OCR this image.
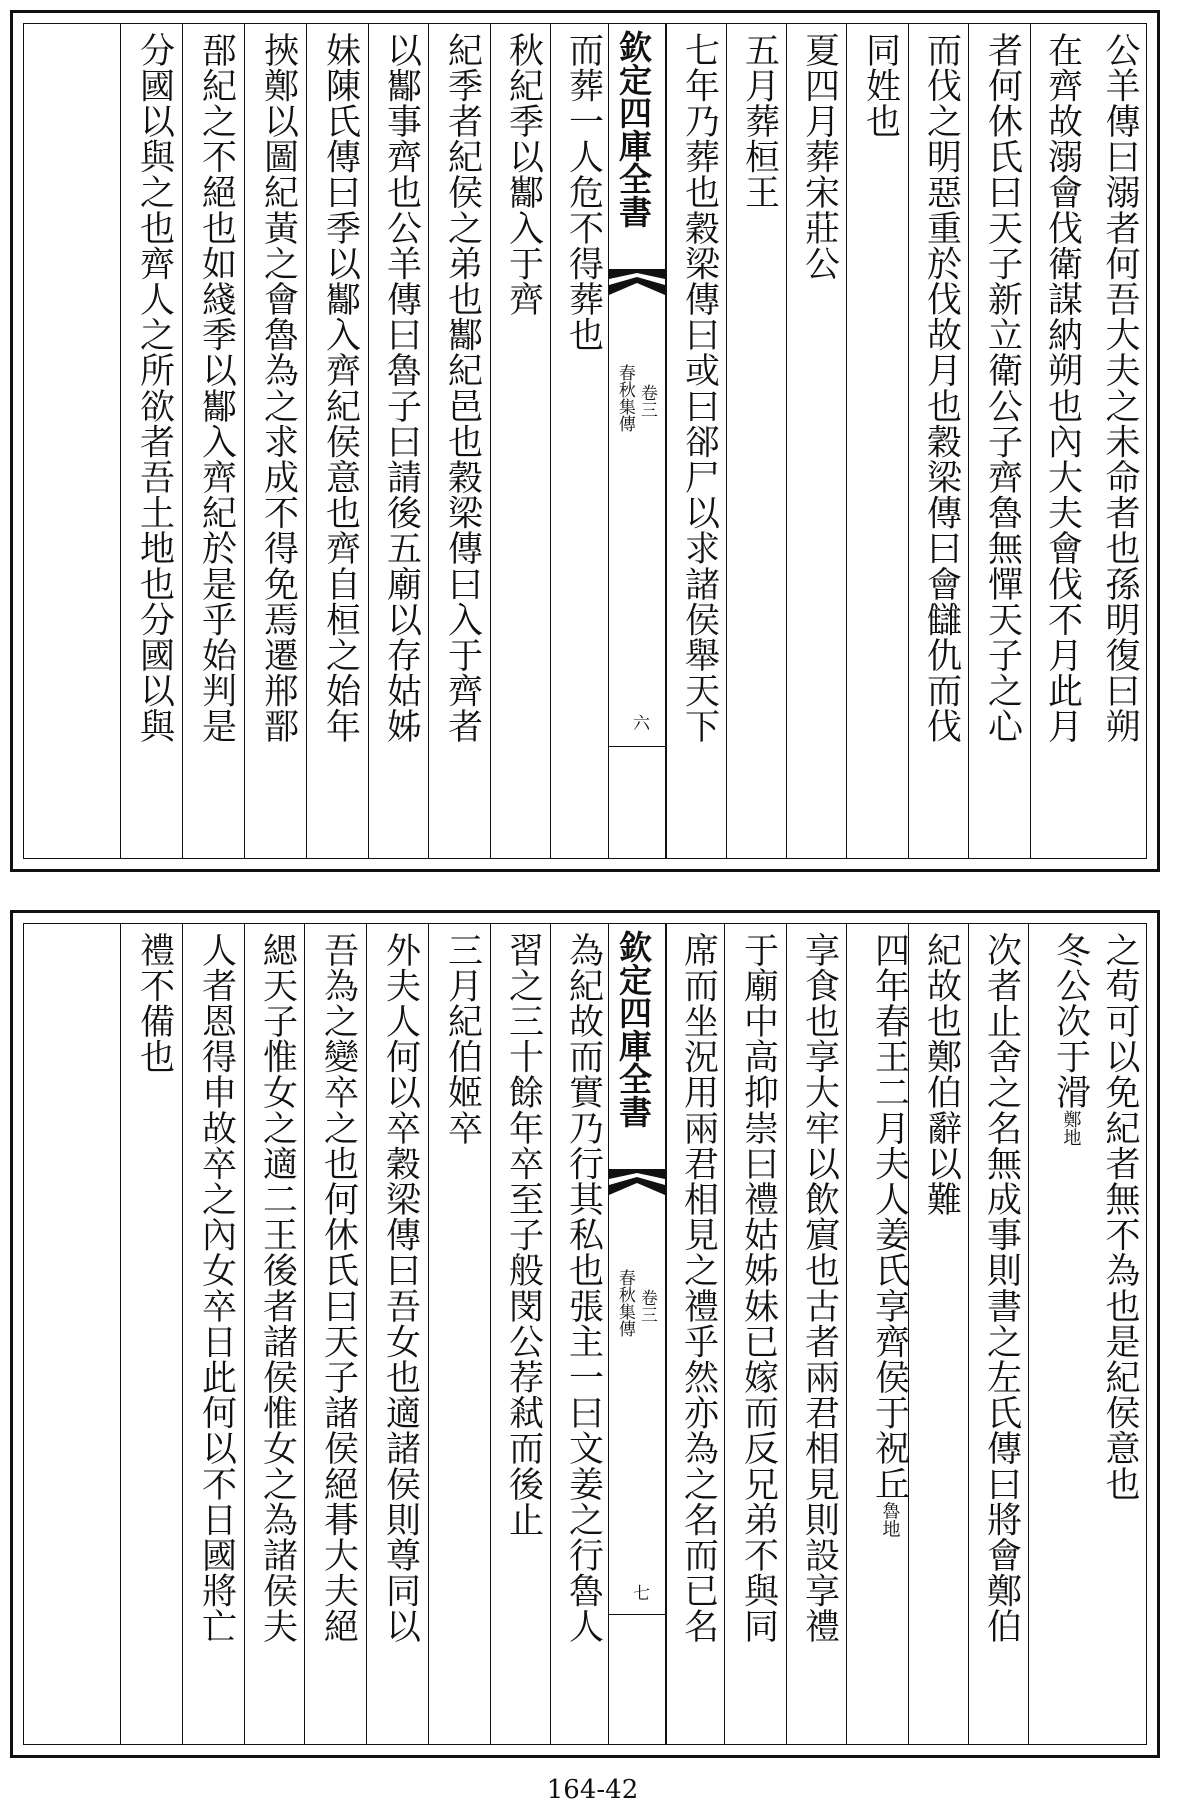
公羊傳曰溺者何吾大夫之未命者也孫明復曰朔
在齊故溺會伐衛謀納朔也內大夫會伐不月此月
者何休氏曰天子新立衛公子齊魯無憚天子之心
而伐之明惡重於伐故月也穀梁傳曰會讎仇而伐
同姓也
夏四月葬宋莊公
五月葬桓王
七年乃葬也穀梁傳曰或曰郤尸以求諸侯舉天下
欽定四庫全書
春秋集傳 卷三
六
而葬一人危不得葬也
秋紀季以酅入于齊
紀季者紀侯之弟也酅紀邑也穀梁傳曰入于齊者
以酅事齊也公羊傳曰魯子曰請後五廟以存姑姊
妹陳氏傳曰季以酅入齊紀侯意也齊自桓之始年
挾鄭以圖紀黃之會魯為之求成不得免焉遷郱鄑
郚紀之不絕也如綫季以酅入齊紀於是乎始判是
分國以與之也齊人之所欲者吾土地也分國以與
之苟可以免紀者無不為也是紀侯意也
冬公次于滑鄭地
次者止舍之名無成事則書之左氏傳曰將會鄭伯
紀故也鄭伯辭以難
四年春王二月夫人姜氏享齊侯于祝丘魯地
享食也享大牢以飲賔也古者兩君相見則設享禮
于廟中高抑崇曰禮姑姊妹已嫁而反兄弟不與同
席而坐況用兩君相見之禮乎然亦為之名而已名
欽定四庫全書
春秋集傳 卷三
七
為紀故而實乃行其私也張主一曰文姜之行魯人
習之三十餘年卒至子般閔公荐弒而後止
三月紀伯姬卒
外夫人何以卒穀梁傳曰吾女也適諸侯則尊同以
吾為之變卒之也何休氏曰天子諸侯絕朞大夫絕
緦天子惟女之適二王後者諸侯惟女之為諸侯夫
人者恩得申故卒之內女卒日此何以不日國將亡
禮不備也
164-42
